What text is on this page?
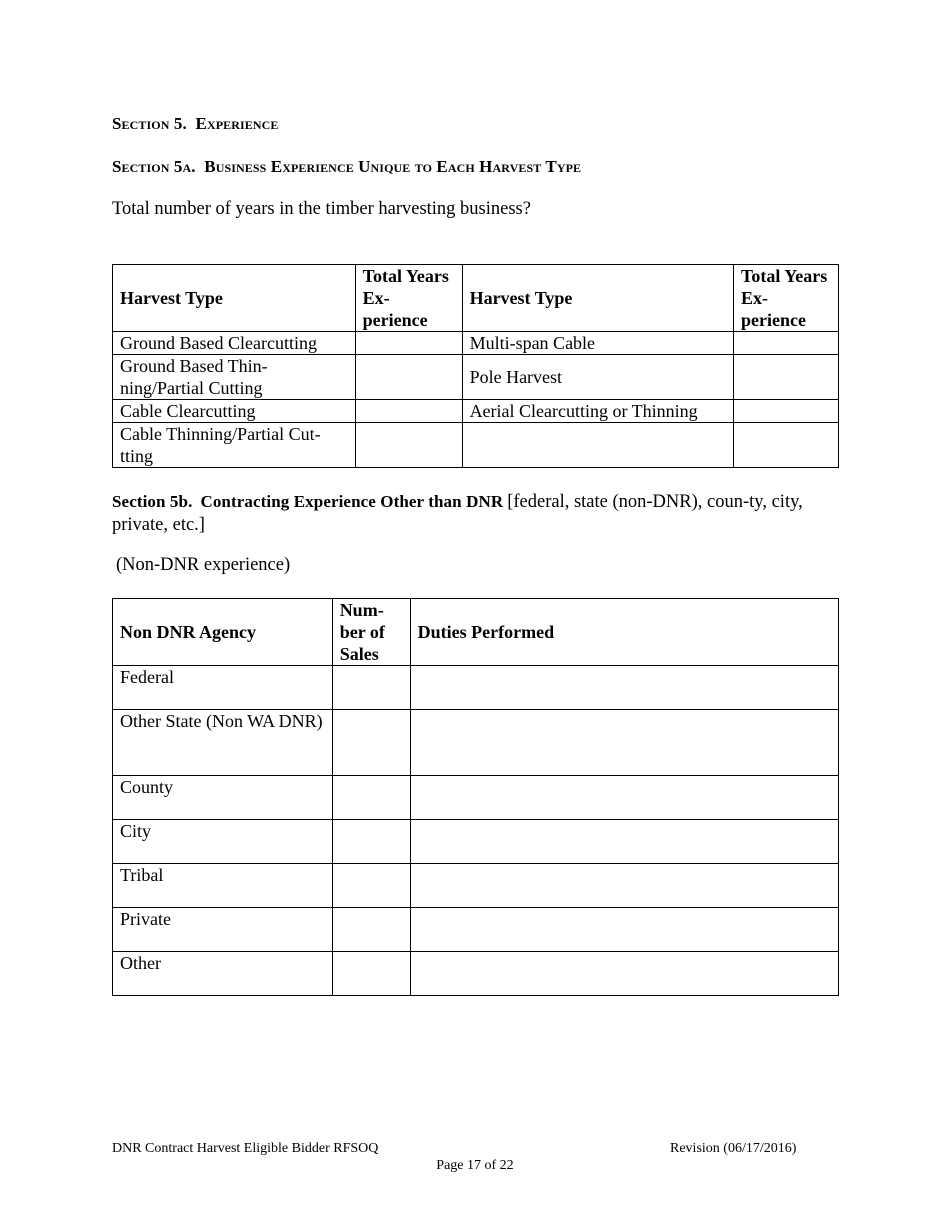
Section 5. Experience
Section 5a. Business Experience Unique to Each Harvest Type
Total number of years in the timber harvesting business?
Harvest Type	Total Years Ex-perience	Harvest Type	Total Years Ex-perience
Ground Based Clearcutting		Multi-span Cable	
Ground Based Thin-ning/Partial Cutting		Pole Harvest	
Cable Clearcutting		Aerial Clearcutting or Thinning	
Cable Thinning/Partial Cut-tting			
Section 5b. Contracting Experience Other than DNR [federal, state (non-DNR), coun-ty, city, private, etc.]
(Non-DNR experience)
Non DNR Agency	Num-ber of Sales	Duties Performed
Federal		
Other State (Non WA DNR)		
County		
City		
Tribal		
Private		
Other		
DNR Contract Harvest Eligible Bidder RFSOQ	Revision (06/17/2016)
Page 17 of 22
